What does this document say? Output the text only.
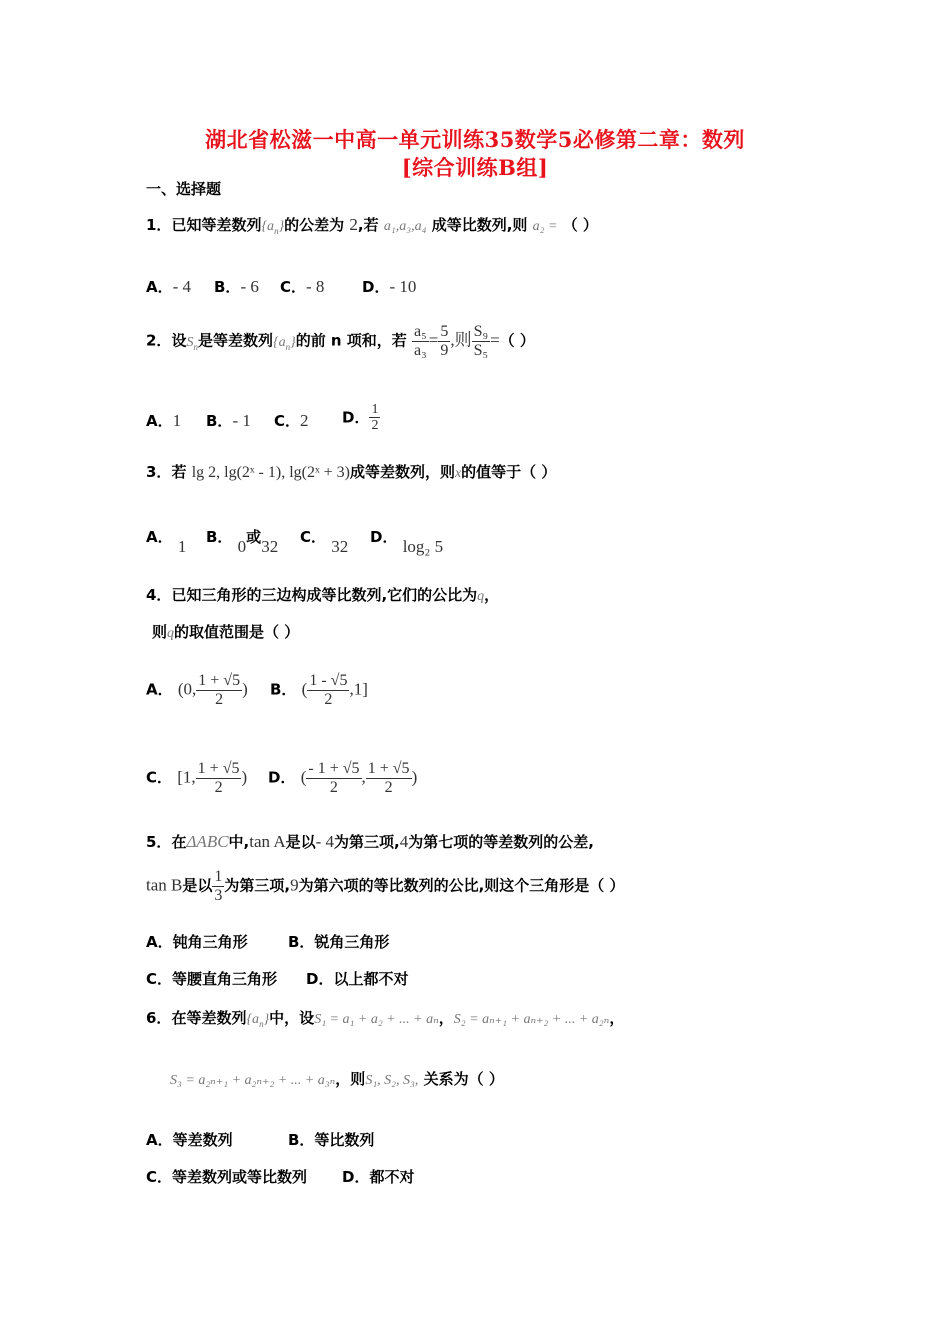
湖北省松滋一中高一单元训练35数学5必修第二章：数列
[综合训练B组]
一、选择题
1．已知等差数列$\{a_n\}$的公差为 2,若 a₁,a₃,a₄ 成等比数列,则 a₂ = （ ）
A．- 4 B．- 6 C．- 8	D．- 10
2．设$S_n$是等差数列$\{a_n\}$的前 n 项和，若 $\frac{\text{a₅}}{\text{a₃}} = \frac{5}{9}$ ,则 $\frac{\text{S₉}}{\text{S₅}}$ =（ ）
A．1 B．- 1 C．2 D． $\frac{1}{2}$
3．若 lg 2, lg(2ˣ - 1), lg(2ˣ + 3)成等差数列，则x的值等于（ ）
A． 1 B． 0或32 C． 32 D． log₂ 5
4．已知三角形的三边构成等比数列,它们的公比为q，
则q的取值范围是（ ）
A． (0, $\frac{1 + √5}{2}$ ) B． ( $\frac{1 - √5}{2} ,1$]
C． [1, $\frac{1 + √5}{2}$ ) D． ( $\frac{- 1 + √5}{2}$ , $\frac{1 + √5}{2}$ )
5．在ΔABC中,tan A是以- 4为第三项,4为第七项的等差数列的公差,
tan B是以 $\frac{1}{3}$ 为第三项,9为第六项的等比数列的公比,则这个三角形是（ ）
A．钝角三角形	B．锐角三角形
C．等腰直角三角形 D．以上都不对
6．在等差数列$\{a_n\}$中，设S₁ = a₁ + a₂ + ... + aₙ，S₂ = aₙ₊₁ + aₙ₊₂ + ... + a₂ₙ，
S₃ = a₂ₙ₊₁ + a₂ₙ₊₂ + ... + a₃ₙ，则S₁, S₂, S₃, 关系为（ ）
A．等差数列	B．等比数列
C．等差数列或等比数列 D．都不对
